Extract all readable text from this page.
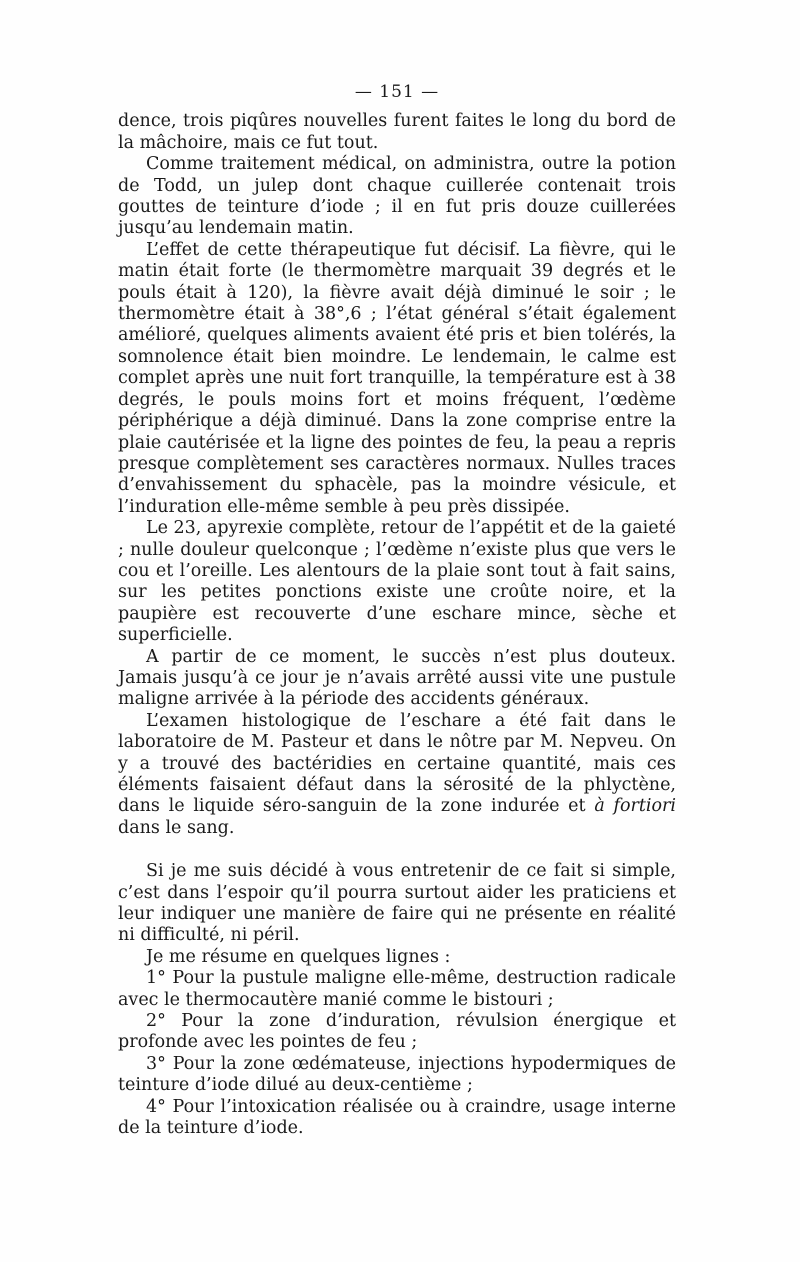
— 151 —

dence, trois piqûres nouvelles furent faites le long du bord de la mâchoire, mais ce fut tout.

Comme traitement médical, on administra, outre la potion de Todd, un julep dont chaque cuillerée contenait trois gouttes de teinture d’iode ; il en fut pris douze cuillerées jusqu’au lendemain matin.

L’effet de cette thérapeutique fut décisif. La fièvre, qui le matin était forte (le thermomètre marquait 39 degrés et le pouls était à 120), la fièvre avait déjà diminué le soir ; le thermomètre était à 38°,6 ; l’état général s’était également amélioré, quelques aliments avaient été pris et bien tolérés, la somnolence était bien moindre. Le lendemain, le calme est complet après une nuit fort tranquille, la température est à 38 degrés, le pouls moins fort et moins fréquent, l’œdème périphérique a déjà diminué. Dans la zone comprise entre la plaie cautérisée et la ligne des pointes de feu, la peau a repris presque complètement ses caractères normaux. Nulles traces d’envahissement du sphacèle, pas la moindre vésicule, et l’induration elle-même semble à peu près dissipée.

Le 23, apyrexie complète, retour de l’appétit et de la gaieté ; nulle douleur quelconque ; l’œdème n’existe plus que vers le cou et l’oreille. Les alentours de la plaie sont tout à fait sains, sur les petites ponctions existe une croûte noire, et la paupière est recouverte d’une eschare mince, sèche et superficielle.

A partir de ce moment, le succès n’est plus douteux. Jamais jusqu’à ce jour je n’avais arrêté aussi vite une pustule maligne arrivée à la période des accidents généraux.

L’examen histologique de l’eschare a été fait dans le laboratoire de M. Pasteur et dans le nôtre par M. Nepveu. On y a trouvé des bactéridies en certaine quantité, mais ces éléments faisaient défaut dans la sérosité de la phlyctène, dans le liquide séro-sanguin de la zone indurée et à fortiori dans le sang.

Si je me suis décidé à vous entretenir de ce fait si simple, c’est dans l’espoir qu’il pourra surtout aider les praticiens et leur indiquer une manière de faire qui ne présente en réalité ni difficulté, ni péril.

Je me résume en quelques lignes :

1° Pour la pustule maligne elle-même, destruction radicale avec le thermocautère manié comme le bistouri ;

2° Pour la zone d’induration, révulsion énergique et profonde avec les pointes de feu ;

3° Pour la zone œdémateuse, injections hypodermiques de teinture d’iode dilué au deux-centième ;

4° Pour l’intoxication réalisée ou à craindre, usage interne de la teinture d’iode.
